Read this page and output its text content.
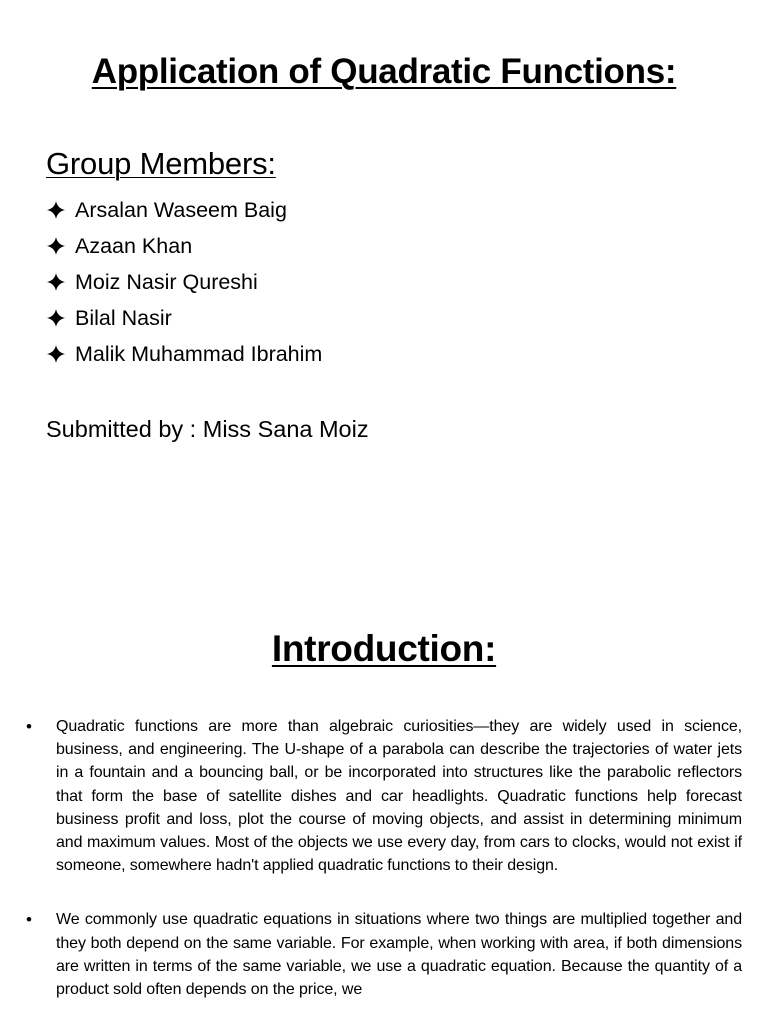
Application of Quadratic Functions:
Group Members:
Arsalan Waseem Baig
Azaan Khan
Moiz Nasir Qureshi
Bilal Nasir
Malik Muhammad Ibrahim
Submitted by : Miss Sana Moiz
Introduction:
•	Quadratic functions are more than algebraic curiosities—they are widely used in science, business, and engineering. The U-shape of a parabola can describe the trajectories of water jets in a fountain and a bouncing ball, or be incorporated into structures like the parabolic reflectors that form the base of satellite dishes and car headlights. Quadratic functions help forecast business profit and loss, plot the course of moving objects, and assist in determining minimum and maximum values. Most of the objects we use every day, from cars to clocks, would not exist if someone, somewhere hadn't applied quadratic functions to their design.
•	We commonly use quadratic equations in situations where two things are multiplied together and they both depend on the same variable. For example, when working with area, if both dimensions are written in terms of the same variable, we use a quadratic equation. Because the quantity of a product sold often depends on the price, we
